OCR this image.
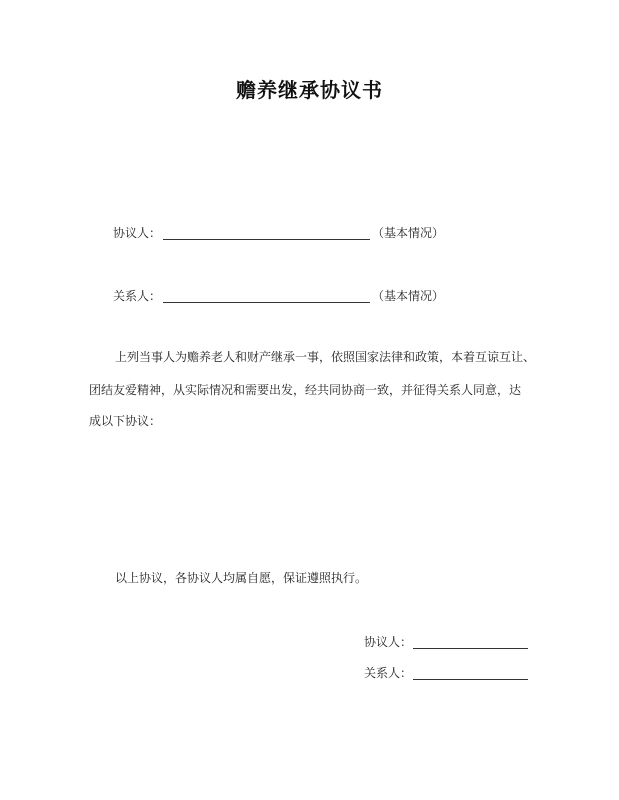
赡养继承协议书
协议人：	（基本情况）
关系人：	（基本情况）
上列当事人为赡养老人和财产继承一事，依照国家法律和政策，本着互谅互让、
团结友爱精神，从实际情况和需要出发，经共同协商一致，并征得关系人同意，达
成以下协议：
以上协议，各协议人均属自愿，保证遵照执行。
协议人：
关系人：
